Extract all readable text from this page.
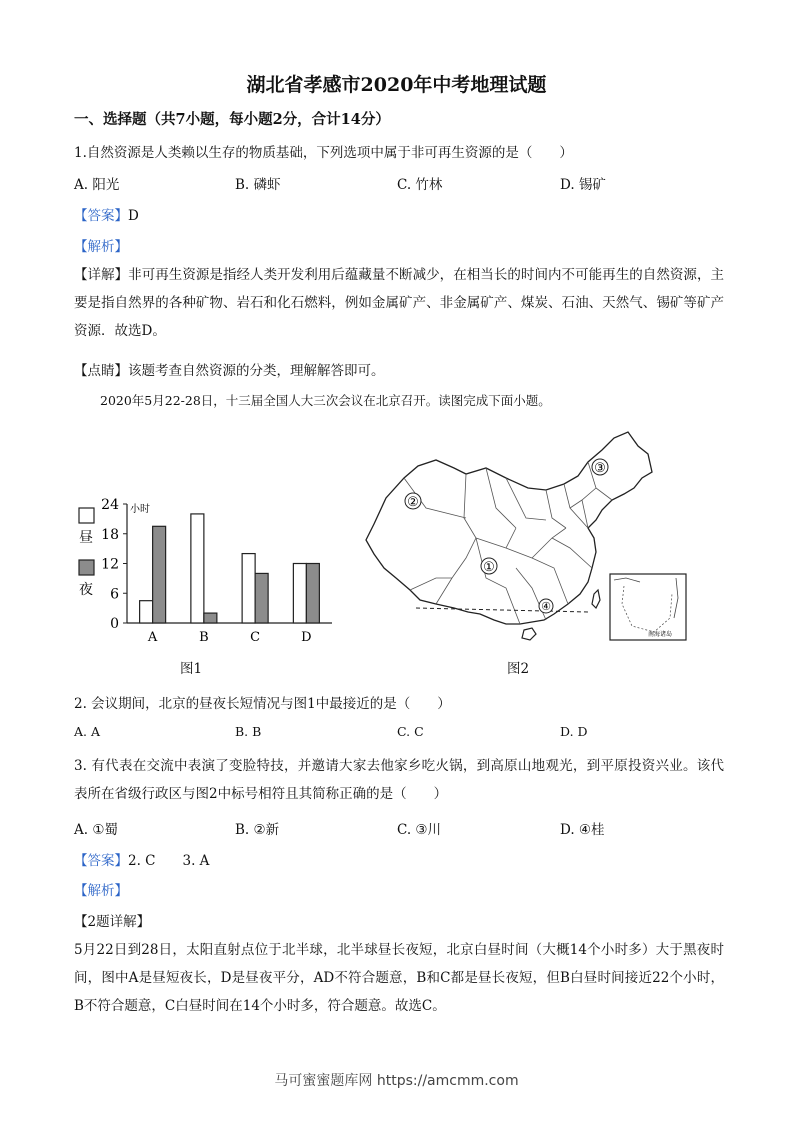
湖北省孝感市2020年中考地理试题
一、选择题（共7小题，每小题2分，合计14分）
1.自然资源是人类赖以生存的物质基础，下列选项中属于非可再生资源的是（　　）
A. 阳光	B. 磷虾	C. 竹林	D. 锡矿
【答案】D
【解析】
【详解】非可再生资源是指经人类开发利用后蕴藏量不断减少，在相当长的时间内不可能再生的自然资源，主要是指自然界的各种矿物、岩石和化石燃料，例如金属矿产、非金属矿产、煤炭、石油、天然气、锡矿等矿产资源．故选D。
【点睛】该题考查自然资源的分类，理解解答即可。
2020年5月22-28日，十三届全国人大三次会议在北京召开。读图完成下面小题。
昼
夜
小时
0
6
12
18
24
A	B	C	D
图1
②
①
③
④
南海诸岛
图2
2. 会议期间，北京的昼夜长短情况与图1中最接近的是（　　）
A. A	B. B	C. C	D. D
3. 有代表在交流中表演了变脸特技，并邀请大家去他家乡吃火锅，到高原山地观光，到平原投资兴业。该代表所在省级行政区与图2中标号相符且其简称正确的是（　　）
A. ①蜀	B. ②新	C. ③川	D. ④桂
【答案】2. C　　3. A
【解析】
【2题详解】
5月22日到28日，太阳直射点位于北半球，北半球昼长夜短，北京白昼时间（大概14个小时多）大于黑夜时间，图中A是昼短夜长，D是昼夜平分，AD不符合题意，B和C都是昼长夜短，但B白昼时间接近22个小时，B不符合题意，C白昼时间在14个小时多，符合题意。故选C。
马可蜜蜜题库网 https://amcmm.com
